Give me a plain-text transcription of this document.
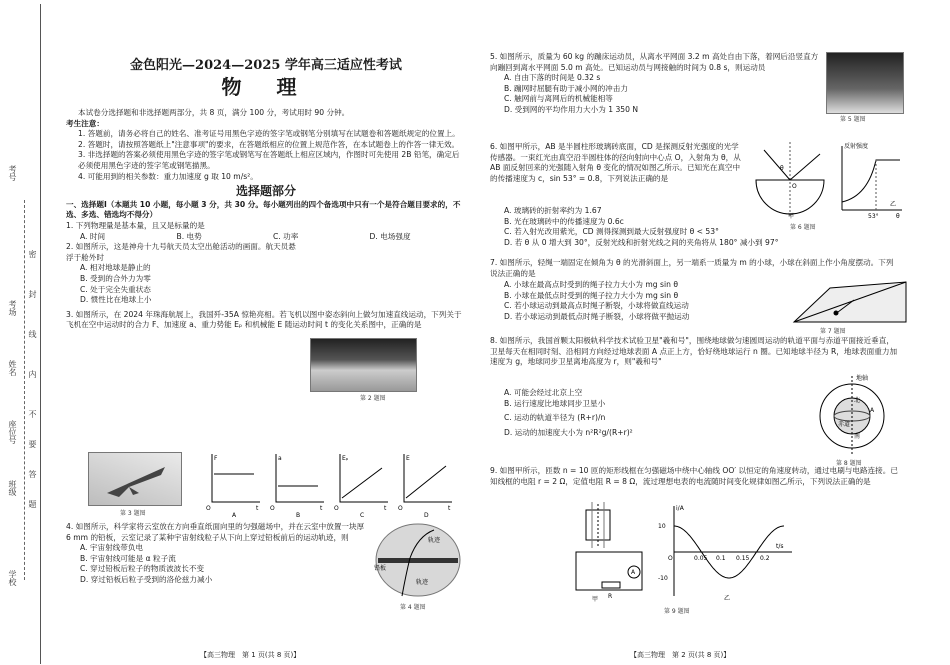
考号
考场
姓名
座位号
班级
学校
密
封
线
内
不
要
答
题
金色阳光—2024—2025 学年高三适应性考试
物 理

本试卷分选择题和非选择题两部分，共 8 页，满分 100 分，考试用时 90 分钟。

考生注意：

1. 答题前，请务必将自己的姓名、准考证号用黑色字迹的签字笔或钢笔分别填写在试题卷和答题纸规定的位置上。

2. 答题时，请按照答题纸上"注意事项"的要求，在答题纸相应的位置上规范作答，在本试题卷上的作答一律无效。

3. 非选择题的答案必须使用黑色字迹的签字笔或钢笔写在答题纸上相应区域内，作图时可先使用 2B 铅笔，确定后必须使用黑色字迹的签字笔或钢笔描黑。

4. 可能用到的相关参数：重力加速度 g 取 10 m/s²。

选择题部分

一、选择题Ⅰ（本题共 10 小题，每小题 3 分，共 30 分。每小题列出的四个备选项中只有一个是符合题目要求的，不选、多选、错选均不得分）

1. 下列物理量是基本量，且又是标量的是

A. 时间	B. 电势	C. 功率	D. 电场强度

2. 如图所示，这是神舟十九号航天员太空出舱活动的画面。航天员悬浮于舱外时

A. 相对地球是静止的

B. 受到的合外力为零

C. 处于完全失重状态

D. 惯性比在地球上小

3. 如图所示，在 2024 年珠海航展上，我国歼-35A 惊艳亮相。若飞机以图中姿态斜向上做匀加速直线运动，下列关于飞机在空中运动时的合力 F、加速度 a、重力势能 Eₚ 和机械能 E 随运动时间 t 的变化关系图中，正确的是

第 2 题图
第 3 题图
F
t
O
A
a
t
O
B
Eₚ
t
O
C
E
t
O
D

4. 如图所示，科学家将云室放在方向垂直纸面向里的匀强磁场中，并在云室中放置一块厚 6 mm 的铅板，云室记录了某种宇宙射线粒子从下向上穿过铅板前后的运动轨迹，则

A. 宇宙射线带负电

B. 宇宙射线可能是 α 粒子流

C. 穿过铅板后粒子的物质波波长不变

D. 穿过铅板后粒子受到的洛伦兹力减小

轨迹
铅板
轨迹
第 4 题图
【高三物理　第 1 页(共 8 页)】

5. 如图所示，质量为 60 kg 的蹦床运动员，从离水平网面 3.2 m 高处自由下落，着网后沿竖直方向蹦回到离水平网面 5.0 m 高处。已知运动员与网接触的时间为 0.8 s，则运动员

A. 自由下落的时间是 0.32 s

B. 蹦网时屈腿有助于减小网的冲击力

C. 触网前与离网后的机械能相等

D. 受到网的平均作用力大小为 1 350 N

第 5 题图

6. 如图甲所示，AB 是半圆柱形玻璃砖底面，CD 是探测反射光强度的光学传感器。一束红光由真空沿半圆柱体的径向射向中心点 O，入射角为 θ，从 AB 面反射回来的光强随入射角 θ 变化的情况如图乙所示。已知光在真空中的传播速度为 c，sin 53° = 0.8，下列说法正确的是

A. 玻璃砖的折射率约为 1.67

B. 光在玻璃砖中的传播速度为 0.6c

C. 若入射光改用紫光，CD 测得探测到最大反射强度时 θ < 53°

D. 若 θ 从 0 增大到 30°，反射光线和折射光线之间的夹角将从 180° 减小到 97°

O
θ
甲
反射强度
53°	θ
乙
第 6 题图

7. 如图所示，轻绳一端固定在倾角为 θ 的光滑斜面上，另一端系一质量为 m 的小球，小球在斜面上作小角度摆动。下列说法正确的是

A. 小球在最高点时受到的绳子拉力大小为 mg sin θ

B. 小球在最低点时受到的绳子拉力大小为 mg sin θ

C. 若小球运动到最高点时绳子断裂，小球将做直线运动

D. 若小球运动到最低点时绳子断裂，小球将做平抛运动

第 7 题图

8. 如图所示，我国首颗太阳极轨科学技术试验卫星"羲和号"，围绕地球做匀速圆周运动的轨道平面与赤道平面接近垂直，卫星每天在相同时刻、沿相同方向经过地球表面 A 点正上方，恰好绕地球运行 n 圈。已知地球半径为 R，地球表面重力加速度为 g，地球同步卫星离地高度为 r，则"羲和号"

A. 可能会经过北京上空

B. 运行速度比地球同步卫星小

C. 运动的轨道半径为 (R+r)/n

D. 运动的加速度大小为 n²R²g/(R+r)²

地轴
北
A
赤道
南
第 8 题图

9. 如图甲所示，匝数 n = 10 匝的矩形线框在匀强磁场中绕中心轴线 OO′ 以恒定的角速度转动，通过电刷与电路连接。已知线框的电阻 r = 2 Ω，定值电阻 R = 8 Ω，流过理想电表的电流随时间变化规律如图乙所示，下列说法正确的是

A
R
甲
i/A
t/s
O
10
-10
0.05 0.1 0.15 0.2
乙
第 9 题图
【高三物理　第 2 页(共 8 页)】
